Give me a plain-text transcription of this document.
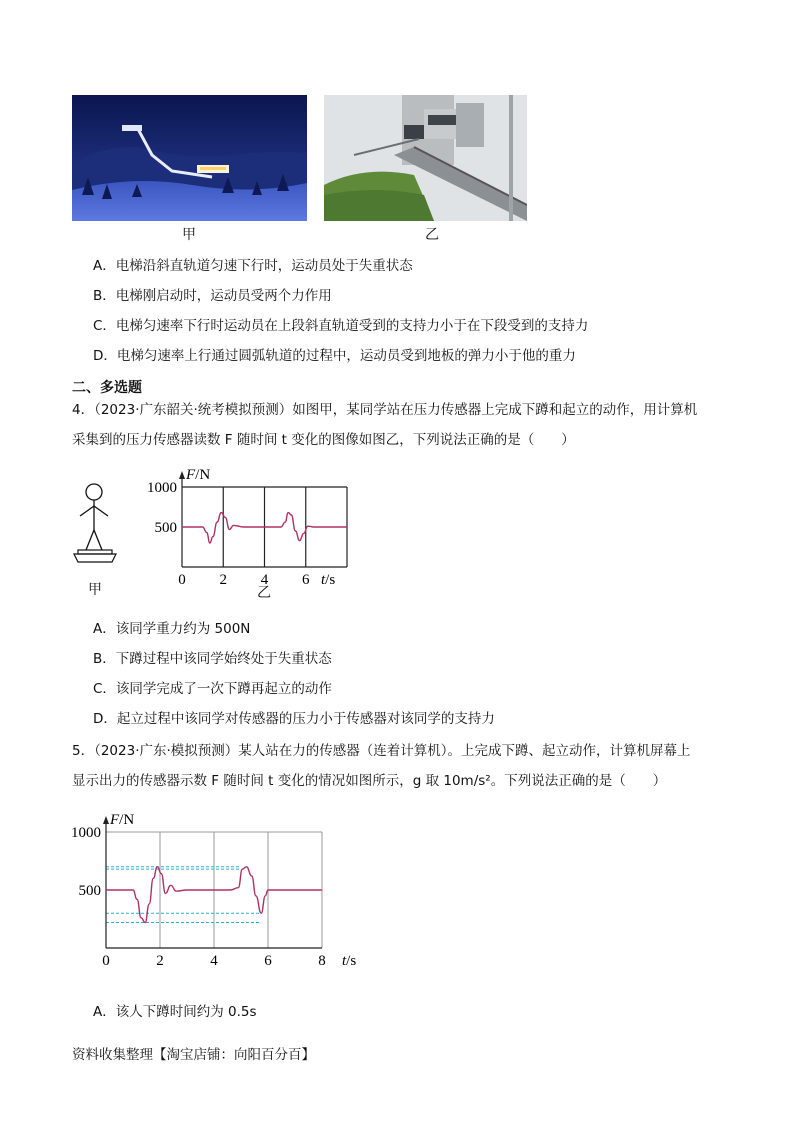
甲	乙
A．电梯沿斜直轨道匀速下行时，运动员处于失重状态
B．电梯刚启动时，运动员受两个力作用
C．电梯匀速率下行时运动员在上段斜直轨道受到的支持力小于在下段受到的支持力
D．电梯匀速率上行通过圆弧轨道的过程中，运动员受到地板的弹力小于他的重力
二、多选题
4．（2023·广东韶关·统考模拟预测）如图甲，某同学站在压力传感器上完成下蹲和起立的动作，用计算机
采集到的压力传感器读数 F 随时间 t 变化的图像如图乙，下列说法正确的是（　　）
甲
500
1000
0 2 4 6
F/N
t/s
乙
A．该同学重力约为 500N
B．下蹲过程中该同学始终处于失重状态
C．该同学完成了一次下蹲再起立的动作
D．起立过程中该同学对传感器的压力小于传感器对该同学的支持力
5．（2023·广东·模拟预测）某人站在力的传感器（连着计算机）。上完成下蹲、起立动作，计算机屏幕上
显示出力的传感器示数 F 随时间 t 变化的情况如图所示，g 取 10m/s²。下列说法正确的是（　　）
500
1000
0	2	4	6	8
F/N
t/s
A．该人下蹲时间约为 0.5s
资料收集整理【淘宝店铺：向阳百分百】
